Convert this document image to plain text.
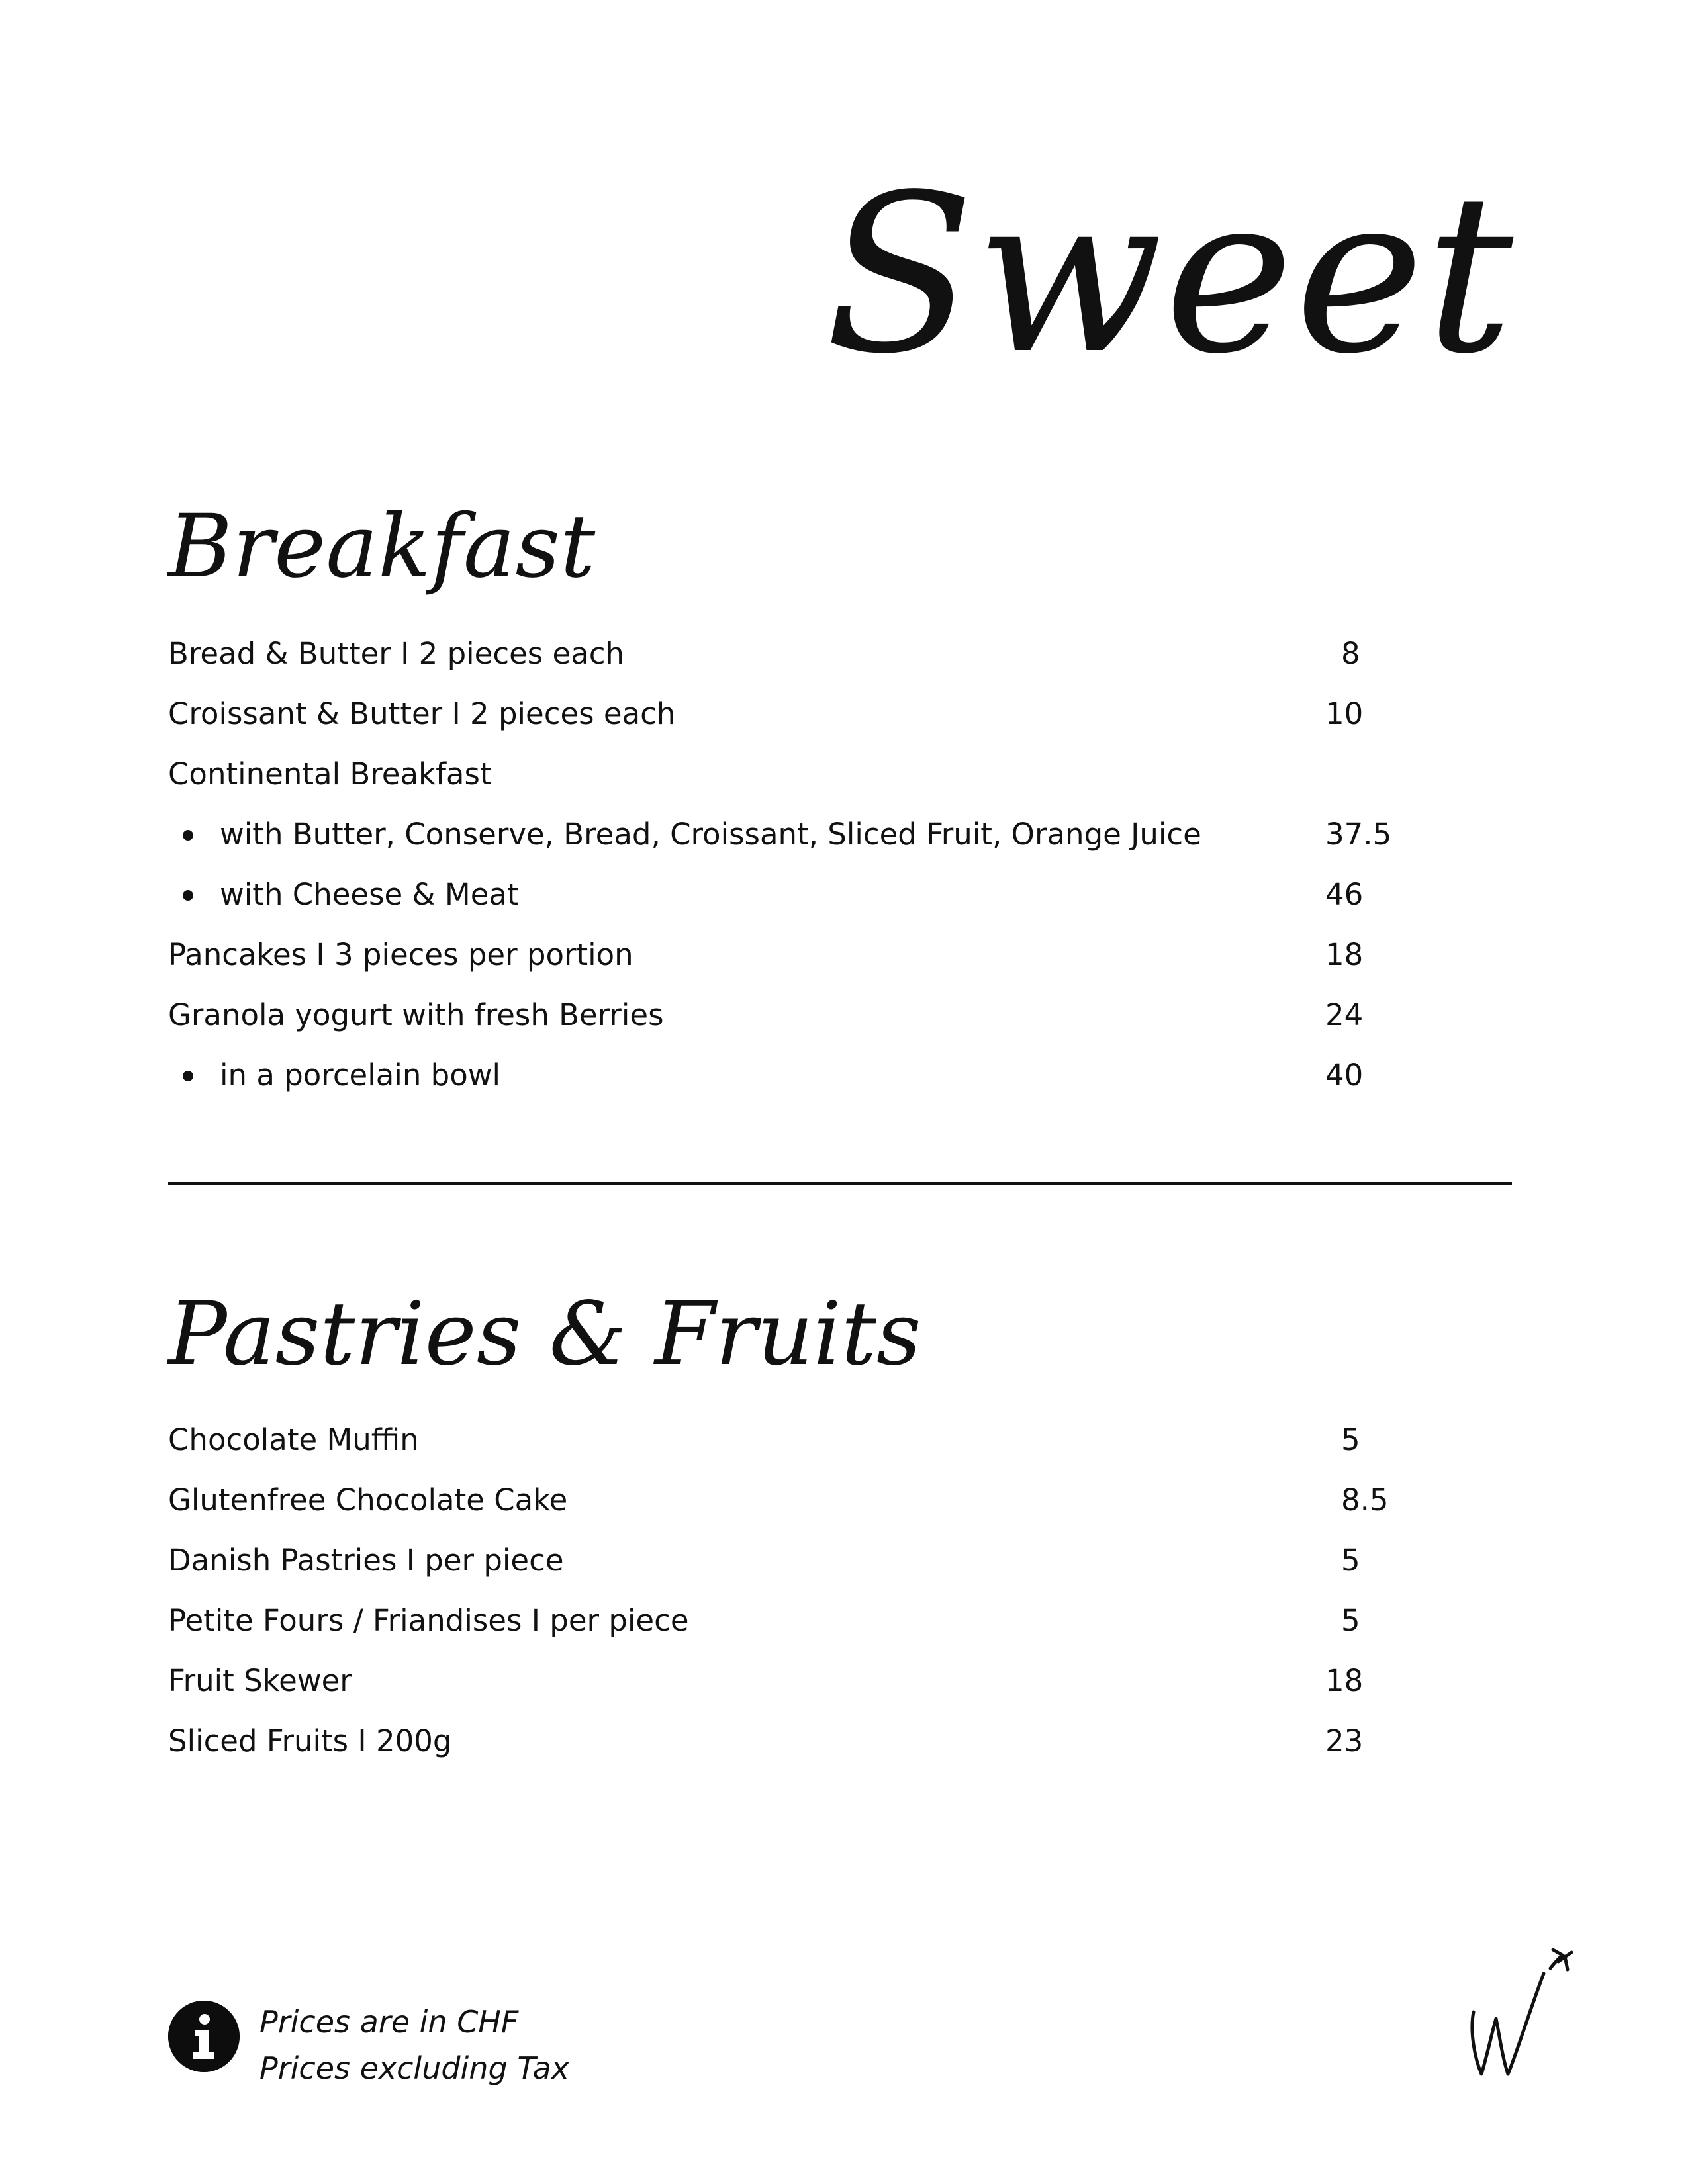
Sweet
Breakfast
Bread & Butter I 2 pieces each	8
Croissant & Butter I 2 pieces each	10
Continental Breakfast
with Butter, Conserve, Bread, Croissant, Sliced Fruit, Orange Juice	37.5
with Cheese & Meat	46
Pancakes I 3 pieces per portion	18
Granola yogurt with fresh Berries	24
in a porcelain bowl	40
Pastries & Fruits
Chocolate Muffin	5
Glutenfree Chocolate Cake	8.5
Danish Pastries I per piece	5
Petite Fours / Friandises I per piece	5
Fruit Skewer	18
Sliced Fruits I 200g	23
Prices are in CHF
Prices excluding Tax
